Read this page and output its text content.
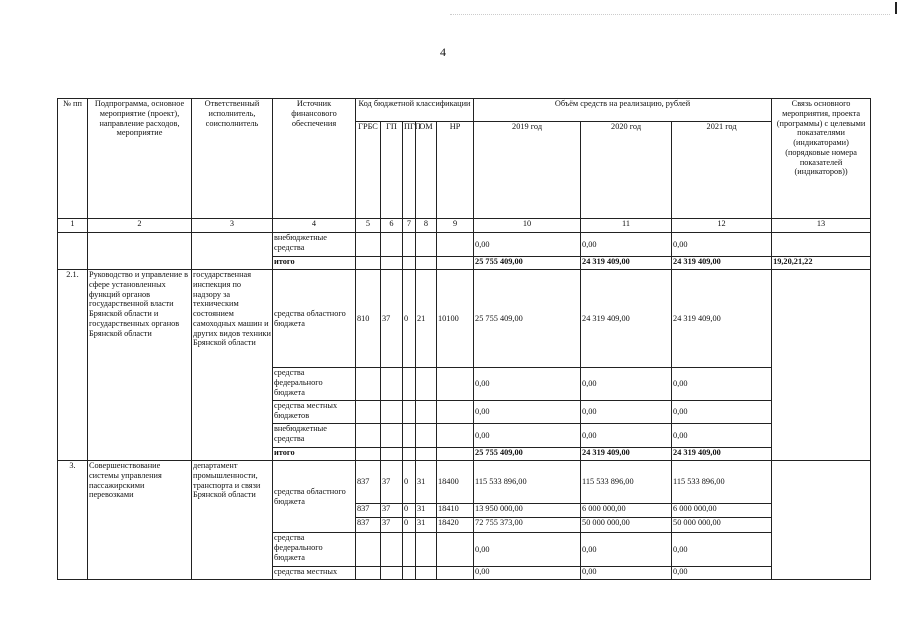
4
№ пп	Подпрограмма, основное мероприятие (проект), направление расходов, мероприятие	Ответственный исполнитель, соисполнитель	Источник финансового обеспечения	Код бюджетной классификации					Объём средств на реализацию, рублей			Связь основного мероприятия, проекта (программы) с целевыми показателями (индикаторами) (порядковые номера показателей (индикаторов))
				ГРБС	ГП	ПГП	ОМ	НР	2019 год	2020 год	2021 год	
1	2	3	4	5	6	7	8	9	10	11	12	13
			внебюджетные средства						0,00	0,00	0,00	
			итого						25 755 409,00	24 319 409,00	24 319 409,00	19,20,21,22
2.1.	Руководство и управление в сфере установленных функций органов государственной власти Брянской области и государственных органов Брянской области	государственная инспекция по надзору за техническим состоянием самоходных машин и других видов техники Брянской области	средства областного бюджета	810	37	0	21	10100	25 755 409,00	24 319 409,00	24 319 409,00	
			средства федерального бюджета						0,00	0,00	0,00	
			средства местных бюджетов						0,00	0,00	0,00	
			внебюджетные средства						0,00	0,00	0,00	
			итого						25 755 409,00	24 319 409,00	24 319 409,00	
3.	Совершенствование системы управления пассажирскими перевозками	департамент промышленности, транспорта и связи Брянской области	средства областного бюджета	837	37	0	31	18400	115 533 896,00	115 533 896,00	115 533 896,00	
				837	37	0	31	18410	13 950 000,00	6 000 000,00	6 000 000,00	
				837	37	0	31	18420	72 755 373,00	50 000 000,00	50 000 000,00	
			средства федерального бюджета						0,00	0,00	0,00	
			средства местных						0,00	0,00	0,00	
